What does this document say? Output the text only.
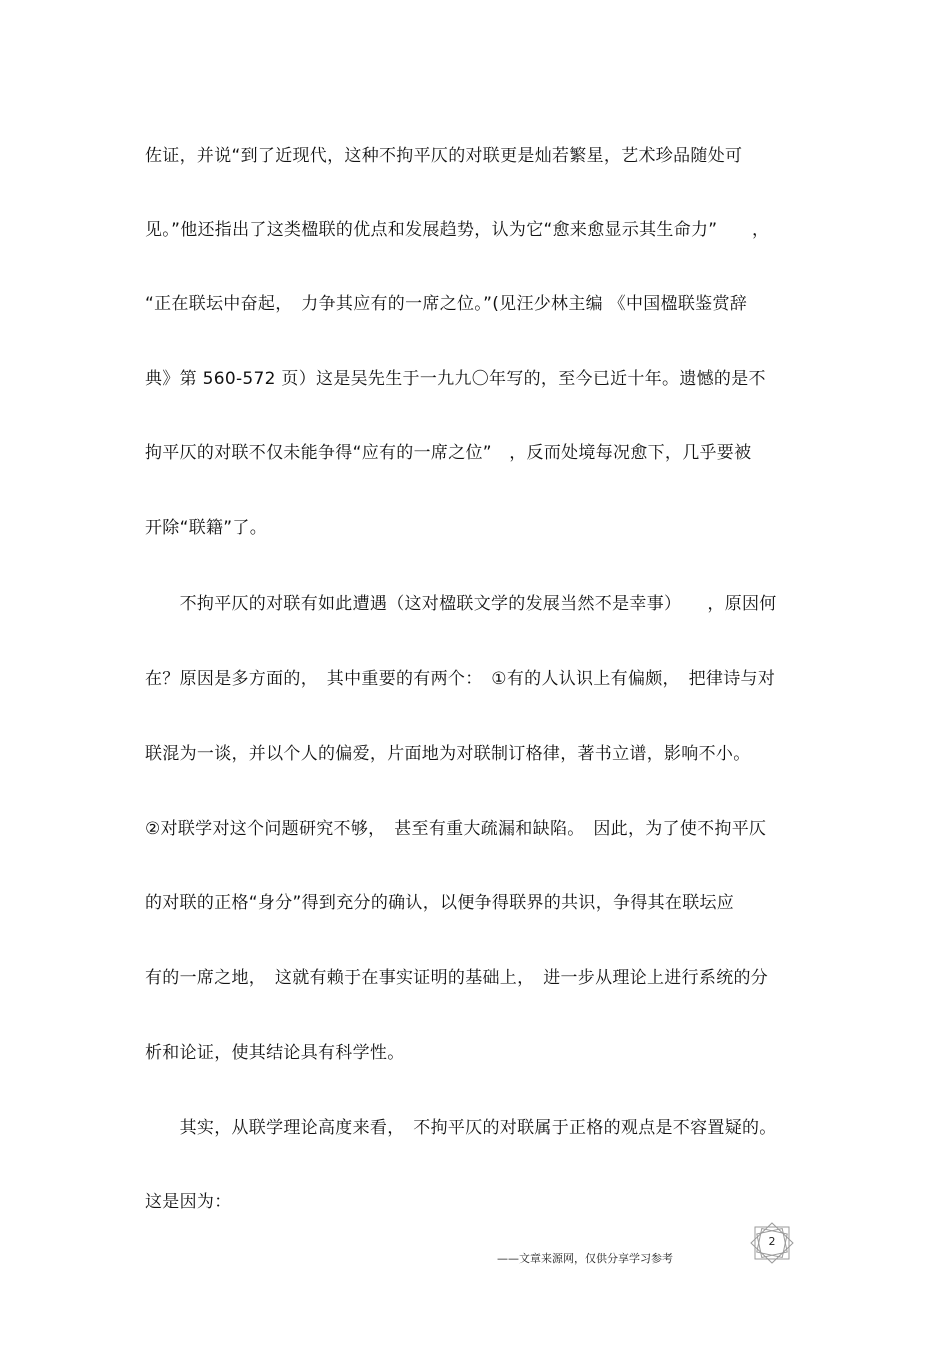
佐证，并说“到了近现代，这种不拘平仄的对联更是灿若繁星，艺术珍品随处可
见。”他还指出了这类楹联的优点和发展趋势，认为它“愈来愈显示其生命力”　　，
“正在联坛中奋起，　力争其应有的一席之位。”(见汪少林主编 《中国楹联鉴赏辞
典》第 560-572 页）这是吴先生于一九九〇年写的，至今已近十年。遗憾的是不
拘平仄的对联不仅未能争得“应有的一席之位”　，反而处境每况愈下，几乎要被
开除“联籍”了。
　　不拘平仄的对联有如此遭遇（这对楹联文学的发展当然不是幸事）　　，原因何
在？原因是多方面的，　其中重要的有两个：　①有的人认识上有偏颇，　把律诗与对
联混为一谈，并以个人的偏爱，片面地为对联制订格律，著书立谱，影响不小。
②对联学对这个问题研究不够，　甚至有重大疏漏和缺陷。　因此，为了使不拘平仄
的对联的正格“身分”得到充分的确认，以便争得联界的共识，争得其在联坛应
有的一席之地，　这就有赖于在事实证明的基础上，　进一步从理论上进行系统的分
析和论证，使其结论具有科学性。
　　其实，从联学理论高度来看，　不拘平仄的对联属于正格的观点是不容置疑的。
这是因为：
——文章来源网，仅供分享学习参考
2
